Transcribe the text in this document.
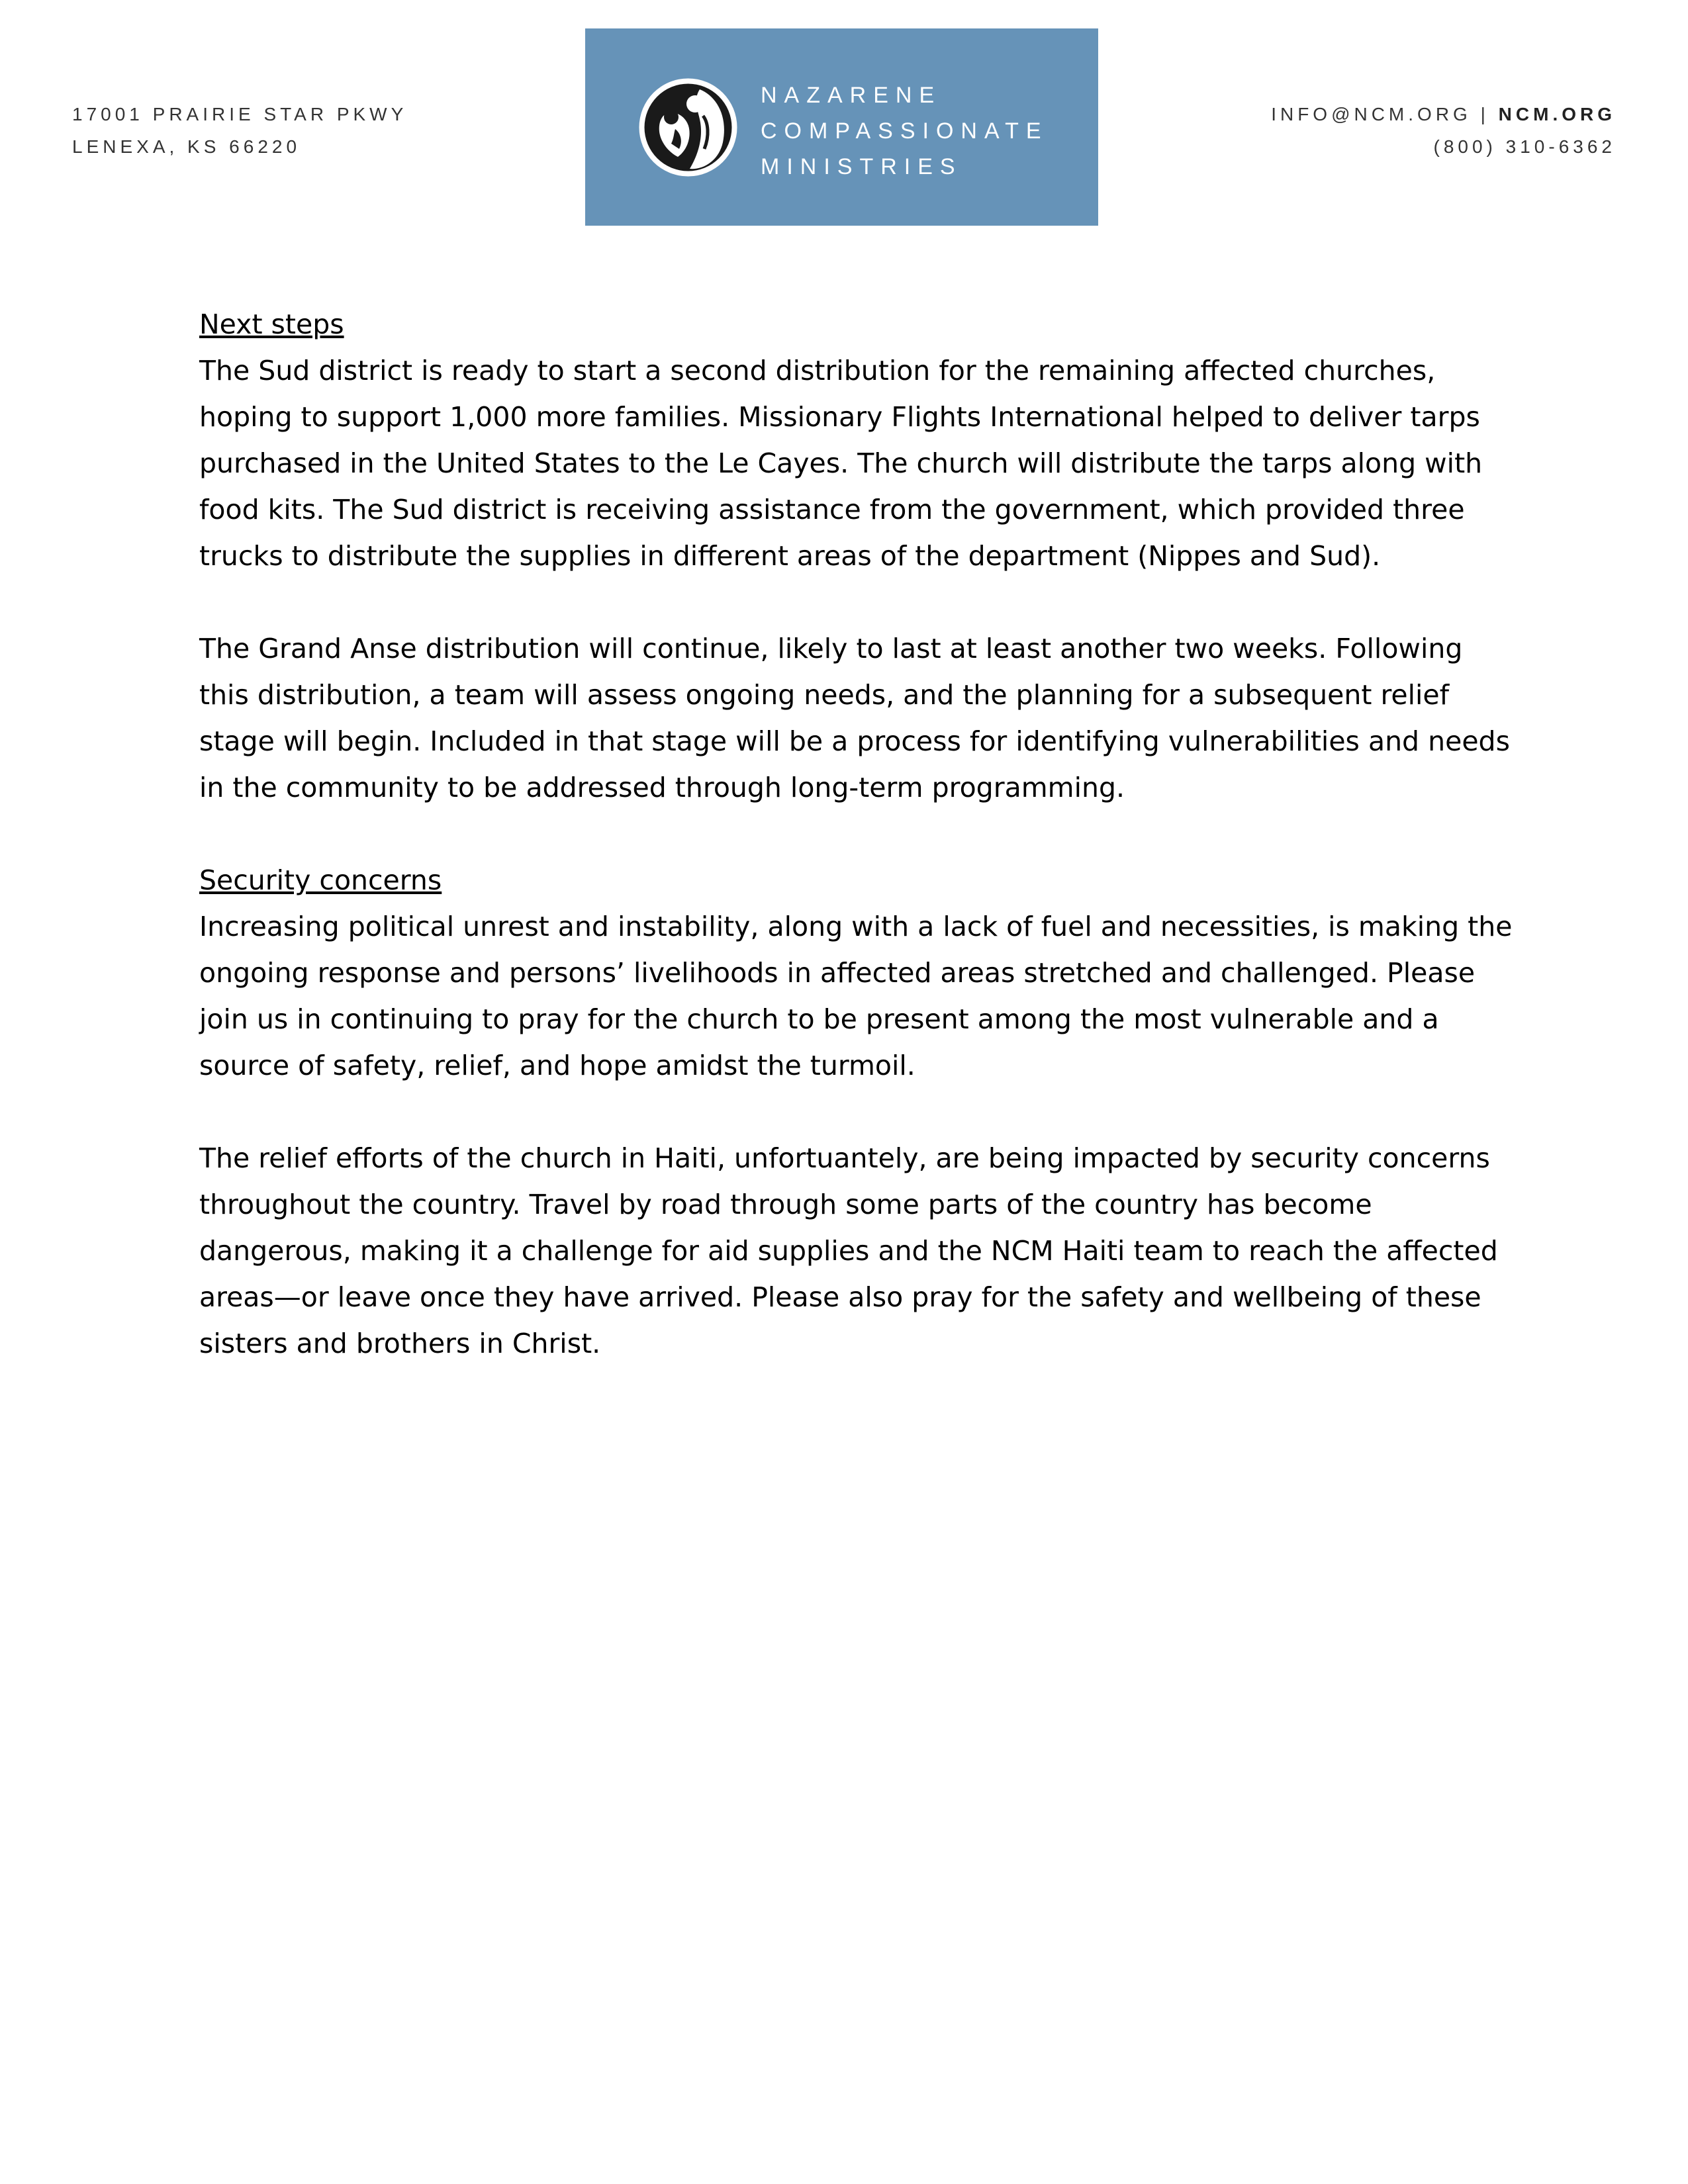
17001 PRAIRIE STAR PKWY
LENEXA, KS 66220
NAZARENE
COMPASSIONATE
MINISTRIES
INFO@NCM.ORG | NCM.ORG
(800) 310-6362

Next steps

The Sud district is ready to start a second distribution for the remaining affected churches, hoping to support 1,000 more families. Missionary Flights International helped to deliver tarps purchased in the United States to the Le Cayes. The church will distribute the tarps along with food kits. The Sud district is receiving assistance from the government, which provided three trucks to distribute the supplies in different areas of the department (Nippes and Sud).

The Grand Anse distribution will continue, likely to last at least another two weeks. Following this distribution, a team will assess ongoing needs, and the planning for a subsequent relief stage will begin. Included in that stage will be a process for identifying vulnerabilities and needs in the community to be addressed through long-term programming.

Security concerns

Increasing political unrest and instability, along with a lack of fuel and necessities, is making the ongoing response and persons’ livelihoods in affected areas stretched and challenged. Please join us in continuing to pray for the church to be present among the most vulnerable and a source of safety, relief, and hope amidst the turmoil.

The relief efforts of the church in Haiti, unfortuantely, are being impacted by security concerns throughout the country. Travel by road through some parts of the country has become dangerous, making it a challenge for aid supplies and the NCM Haiti team to reach the affected areas—or leave once they have arrived. Please also pray for the safety and wellbeing of these sisters and brothers in Christ.
